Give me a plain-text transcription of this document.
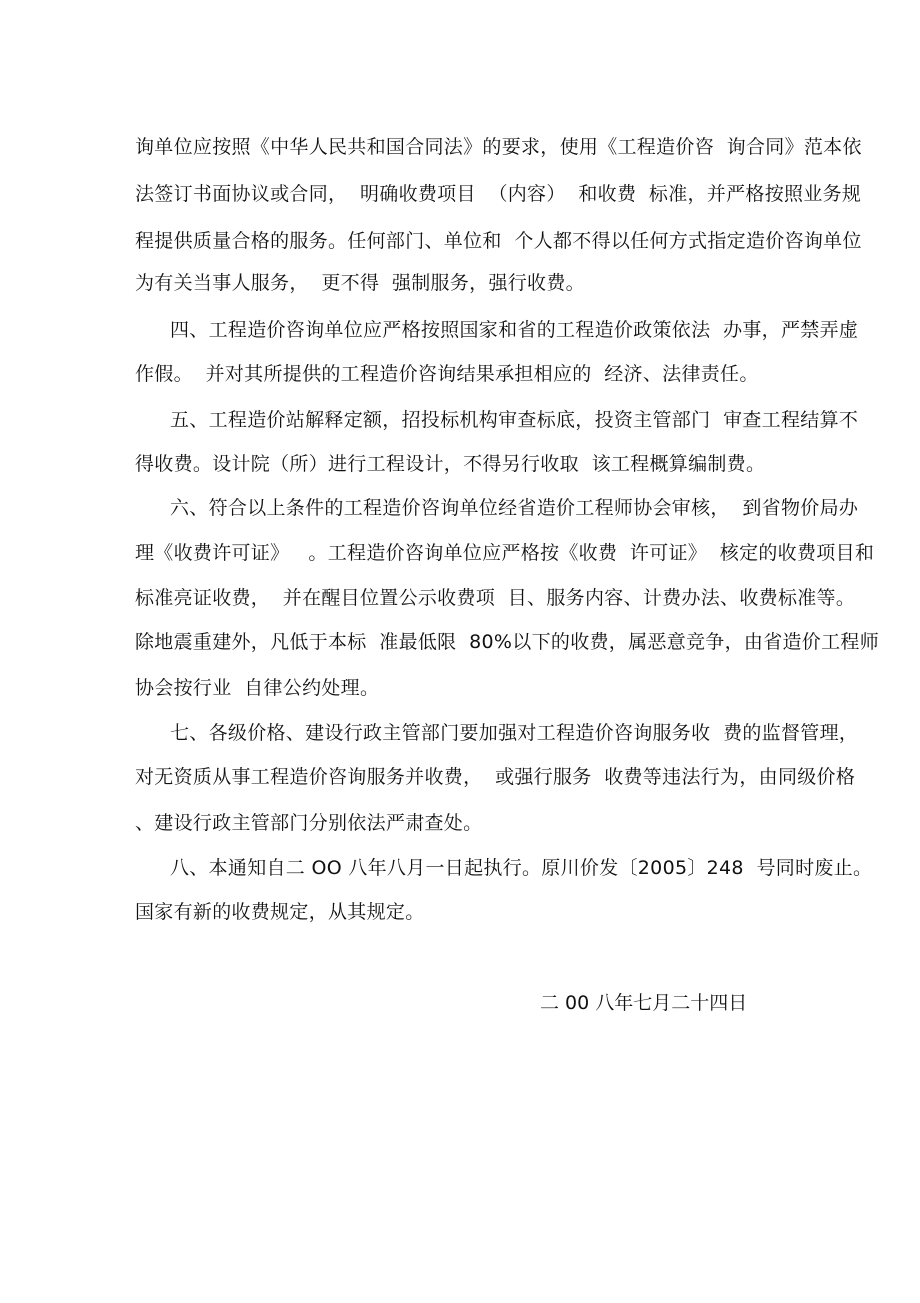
询单位应按照《中华人民共和国合同法》的要求，使用《工程造价咨  询合同》范本依
法签订书面协议或合同，  明确收费项目  （内容）  和收费  标准，并严格按照业务规
程提供质量合格的服务。任何部门、单位和  个人都不得以任何方式指定造价咨询单位
为有关当事人服务，  更不得  强制服务，强行收费。
四、工程造价咨询单位应严格按照国家和省的工程造价政策依法  办事，严禁弄虚
作假。  并对其所提供的工程造价咨询结果承担相应的  经济、法律责任。
五、工程造价站解释定额，招投标机构审查标底，投资主管部门  审查工程结算不
得收费。设计院（所）进行工程设计，不得另行收取  该工程概算编制费。
六、符合以上条件的工程造价咨询单位经省造价工程师协会审核，  到省物价局办
理《收费许可证》   。工程造价咨询单位应严格按《收费  许可证》  核定的收费项目和
标准亮证收费，  并在醒目位置公示收费项  目、服务内容、计费办法、收费标准等。
除地震重建外，凡低于本标  准最低限  80%以下的收费，属恶意竞争，由省造价工程师
协会按行业  自律公约处理。
七、各级价格、建设行政主管部门要加强对工程造价咨询服务收  费的监督管理，
对无资质从事工程造价咨询服务并收费，  或强行服务  收费等违法行为，由同级价格
、建设行政主管部门分别依法严肃查处。
八、本通知自二 OO 八年八月一日起执行。原川价发〔2005〕248  号同时废止。
国家有新的收费规定，从其规定。
二 00 八年七月二十四日
